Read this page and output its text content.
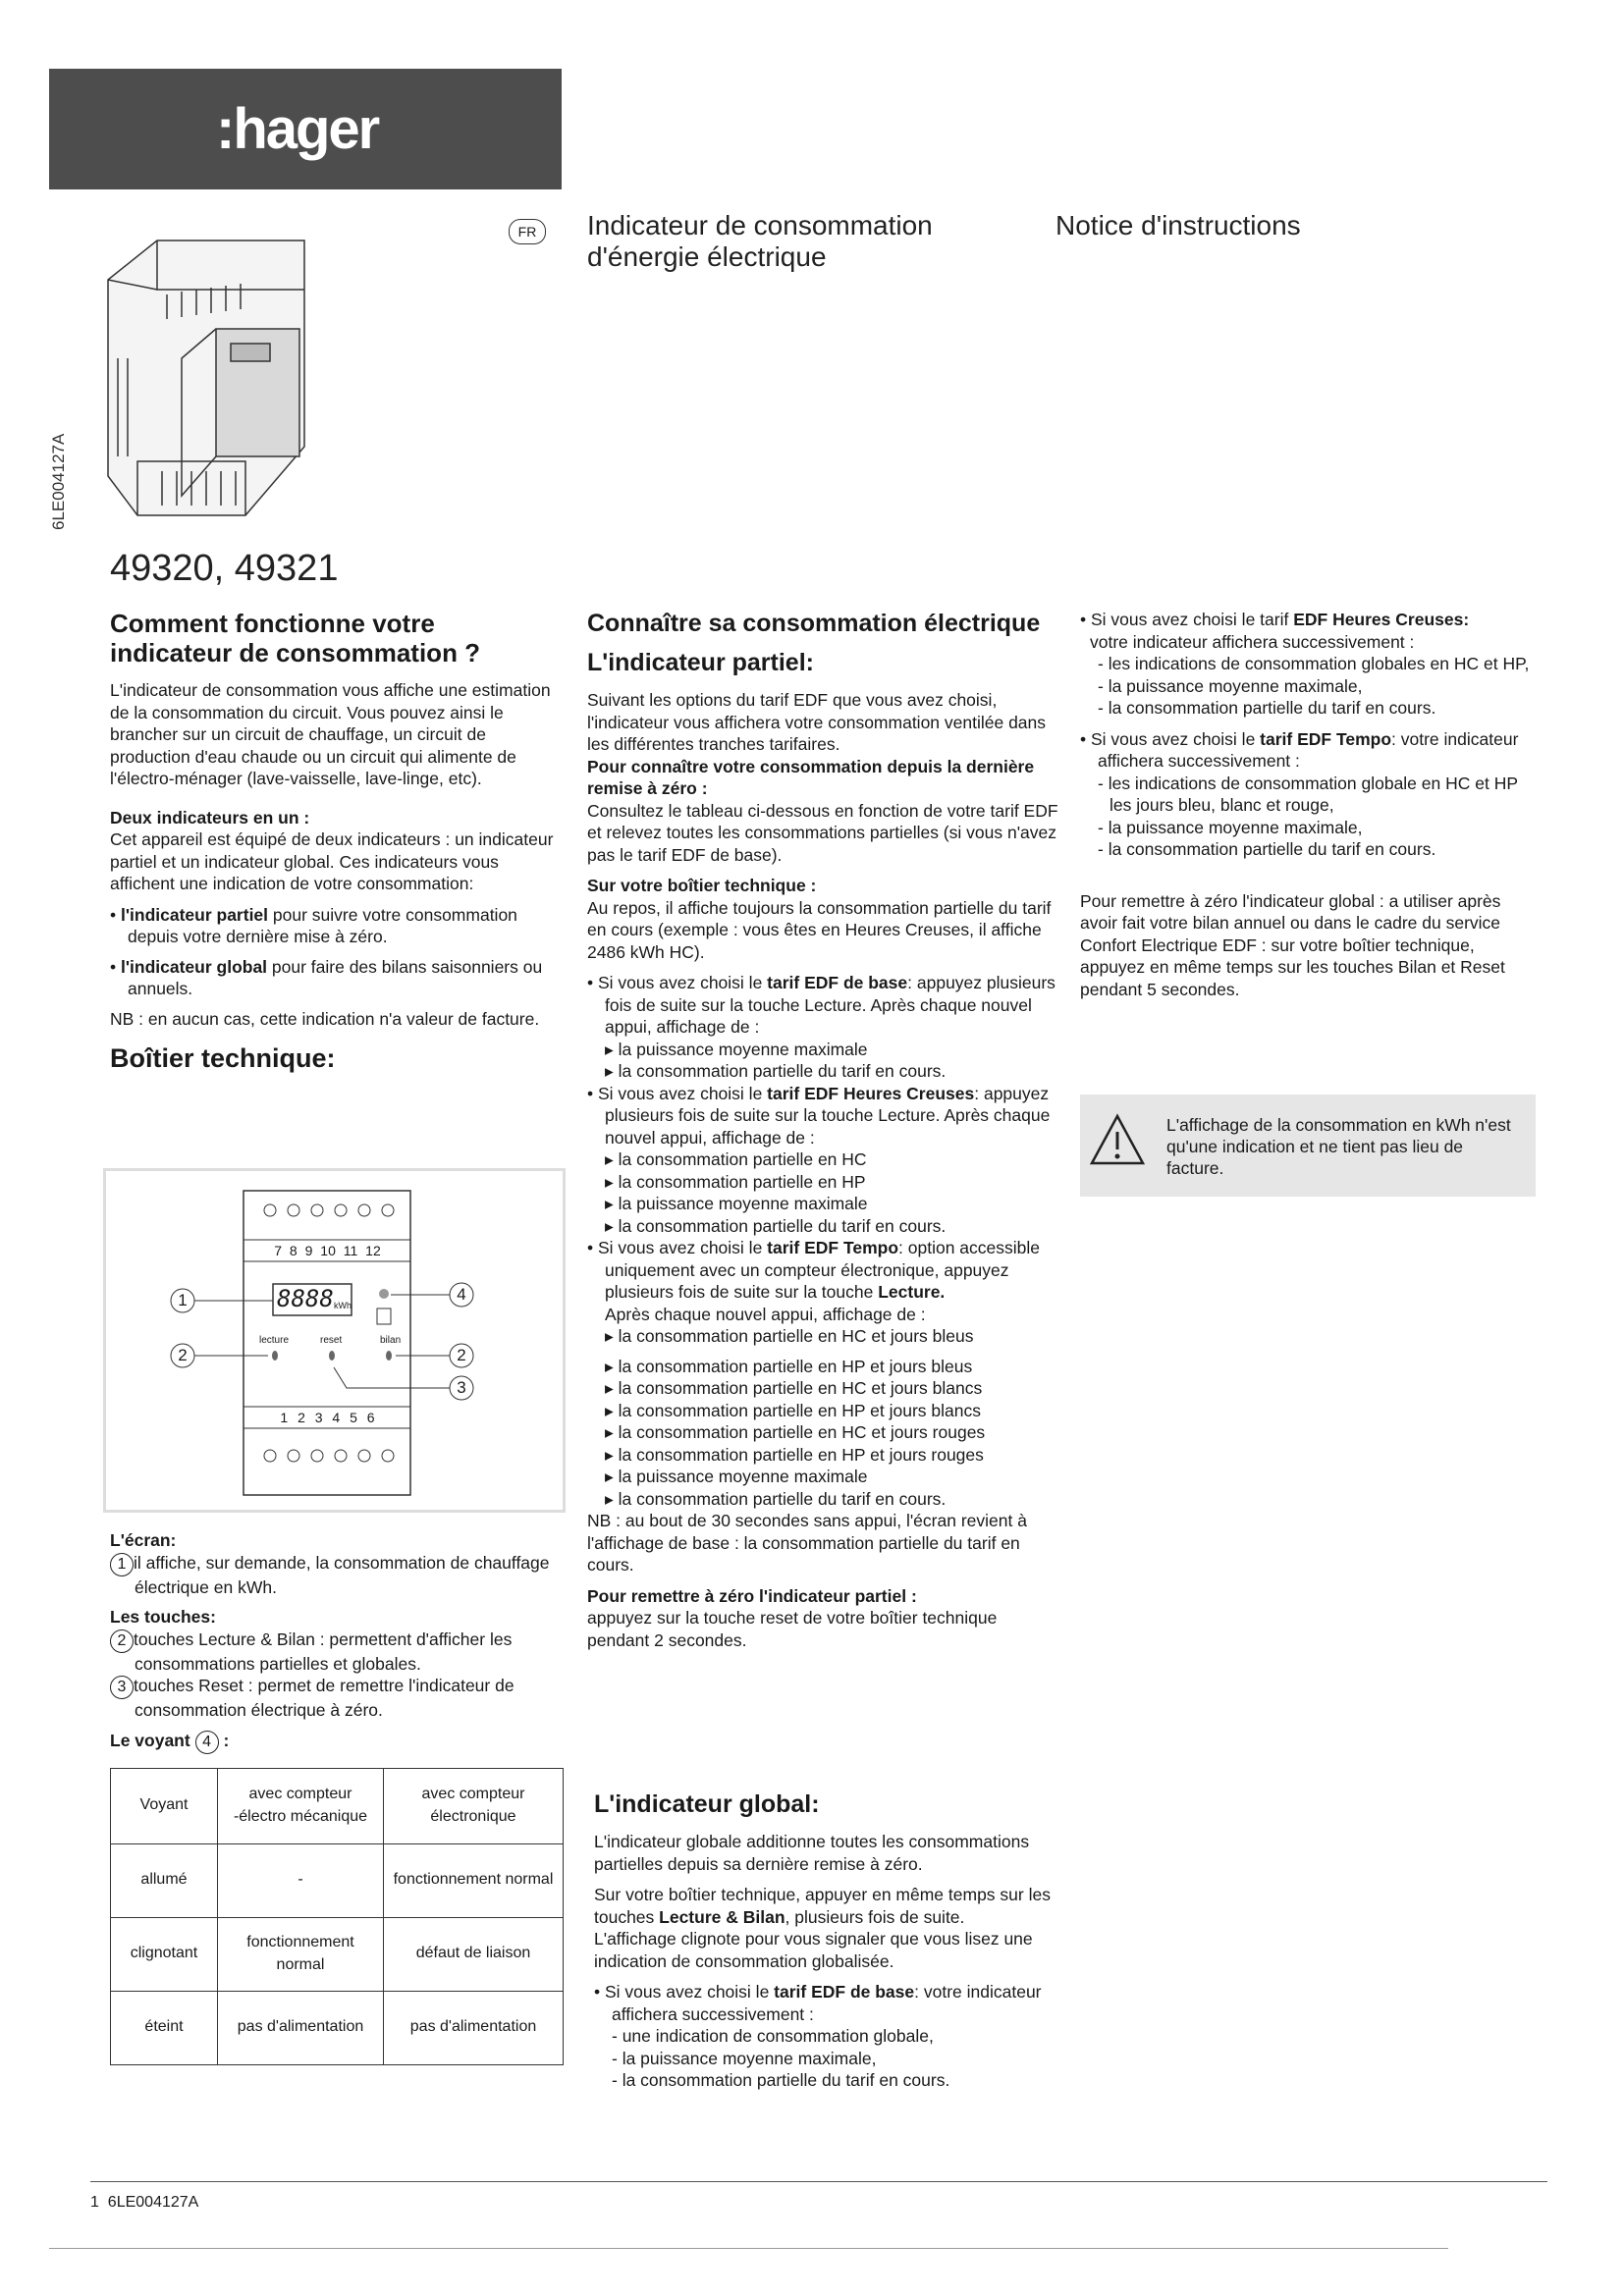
:hager
FR	Indicateur de consommation d'énergie électrique
Notice d'instructions
6LE004127A
49320, 49321
Comment fonctionne votre indicateur de consommation ?

L'indicateur de consommation vous affiche une estimation de la consommation du circuit. Vous pouvez ainsi le brancher sur un circuit de chauffage, un circuit de production d'eau chaude ou un circuit qui alimente de l'électro-ménager (lave-vaisselle, lave-linge, etc).

Deux indicateurs en un :

Cet appareil est équipé de deux indicateurs : un indicateur partiel et un indicateur global. Ces indicateurs vous affichent une indication de votre consommation:

• l'indicateur partiel pour suivre votre consommation depuis votre dernière mise à zéro.
• l'indicateur global pour faire des bilans saisonniers ou annuels.

NB : en aucun cas, cette indication n'a valeur de facture.

Boîtier technique:
7 8 9 10 11 12
1 2 3 4 5 6
8888 kWh
lecture	reset	bilan
1
2
4
2
3
L'écran:
1 il affiche, sur demande, la consommation de chauffage électrique en kWh.
Les touches:
2 touches Lecture & Bilan : permettent d'afficher les consommations partielles et globales.
3 touches Reset : permet de remettre l'indicateur de consommation électrique à zéro.
Le voyant 4 :
Voyant	avec compteur -électro mécanique	avec compteur électronique
allumé	-	fonctionnement normal
clignotant	fonctionnement normal	défaut de liaison
éteint	pas d'alimentation	pas d'alimentation
Connaître sa consommation électrique
L'indicateur partiel:
Suivant les options du tarif EDF que vous avez choisi, l'indicateur vous affichera votre consommation ventilée dans les différentes tranches tarifaires.
Pour connaître votre consommation depuis la dernière remise à zéro :

Consultez le tableau ci-dessous en fonction de votre tarif EDF et relevez toutes les consommations partielles (si vous n'avez pas le tarif EDF de base).

Sur votre boîtier technique :

Au repos, il affiche toujours la consommation partielle du tarif en cours (exemple : vous êtes en Heures Creuses, il affiche 2486 kWh HC).

• Si vous avez choisi le tarif EDF de base: appuyez plusieurs fois de suite sur la touche Lecture. Après chaque nouvel appui, affichage de :
▸ la puissance moyenne maximale
▸ la consommation partielle du tarif en cours.
• Si vous avez choisi le tarif EDF Heures Creuses: appuyez plusieurs fois de suite sur la touche Lecture. Après chaque nouvel appui, affichage de :
▸ la consommation partielle en HC
▸ la consommation partielle en HP
▸ la puissance moyenne maximale
▸ la consommation partielle du tarif en cours.
• Si vous avez choisi le tarif EDF Tempo: option accessible uniquement avec un compteur électronique, appuyez plusieurs fois de suite sur la touche Lecture.
Après chaque nouvel appui, affichage de :
▸ la consommation partielle en HC et jours bleus
▸ la consommation partielle en HP et jours bleus
▸ la consommation partielle en HC et jours blancs
▸ la consommation partielle en HP et jours blancs
▸ la consommation partielle en HC et jours rouges
▸ la consommation partielle en HP et jours rouges
▸ la puissance moyenne maximale
▸ la consommation partielle du tarif en cours.

NB : au bout de 30 secondes sans appui, l'écran revient à l'affichage de base : la consommation partielle du tarif en cours.

Pour remettre à zéro l'indicateur partiel :

appuyez sur la touche reset de votre boîtier technique pendant 2 secondes.

L'indicateur global:

L'indicateur globale additionne toutes les consommations partielles depuis sa dernière remise à zéro.

Sur votre boîtier technique, appuyer en même temps sur les touches Lecture & Bilan, plusieurs fois de suite.

L'affichage clignote pour vous signaler que vous lisez une indication de consommation globalisée.

• Si vous avez choisi le tarif EDF de base: votre indicateur affichera successivement :
- une indication de consommation globale,
- la puissance moyenne maximale,
- la consommation partielle du tarif en cours.
• Si vous avez choisi le tarif EDF Heures Creuses:
votre indicateur affichera successivement :
- les indications de consommation globales en HC et HP,
- la puissance moyenne maximale,
- la consommation partielle du tarif en cours.
• Si vous avez choisi le tarif EDF Tempo: votre indicateur affichera successivement :
- les indications de consommation globale en HC et HP les jours bleu, blanc et rouge,
- la puissance moyenne maximale,
- la consommation partielle du tarif en cours.

Pour remettre à zéro l'indicateur global : a utiliser après avoir fait votre bilan annuel ou dans le cadre du service Confort Electrique EDF : sur votre boîtier technique, appuyez en même temps sur les touches Bilan et Reset pendant 5 secondes.

L'affichage de la consommation en kWh n'est qu'une indication et ne tient pas lieu de facture.
1 6LE004127A
